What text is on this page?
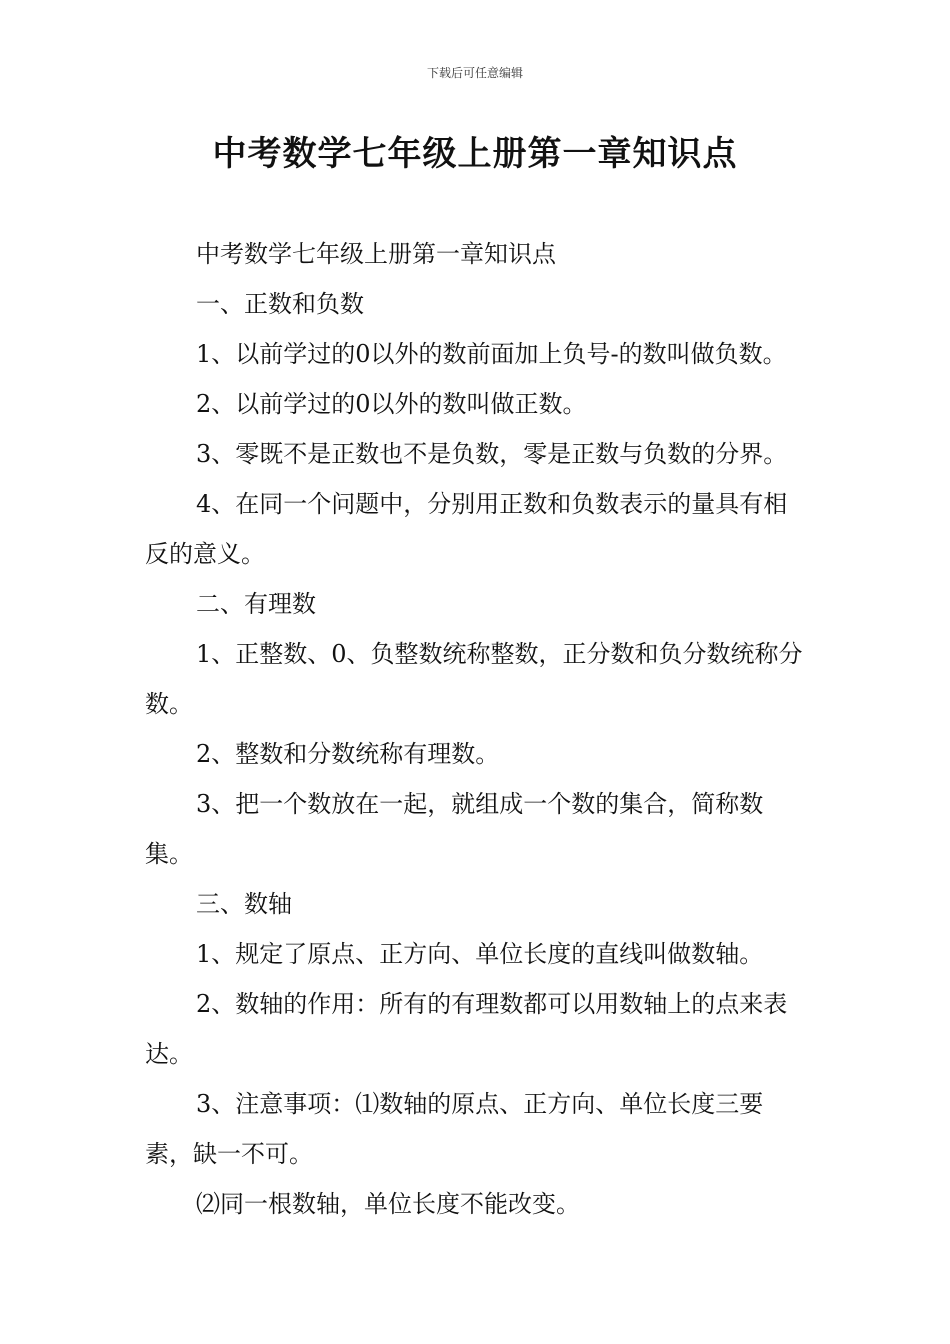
下载后可任意编辑
中考数学七年级上册第一章知识点

中考数学七年级上册第一章知识点

一、正数和负数

1、以前学过的0以外的数前面加上负号-的数叫做负数。

2、以前学过的0以外的数叫做正数。

3、零既不是正数也不是负数，零是正数与负数的分界。

4、在同一个问题中，分别用正数和负数表示的量具有相反的意义。

二、有理数

1、正整数、0、负整数统称整数，正分数和负分数统称分数。

2、整数和分数统称有理数。

3、把一个数放在一起，就组成一个数的集合，简称数集。

三、数轴

1、规定了原点、正方向、单位长度的直线叫做数轴。

2、数轴的作用：所有的有理数都可以用数轴上的点来表达。

3、注意事项：⑴数轴的原点、正方向、单位长度三要素，缺一不可。

⑵同一根数轴，单位长度不能改变。
